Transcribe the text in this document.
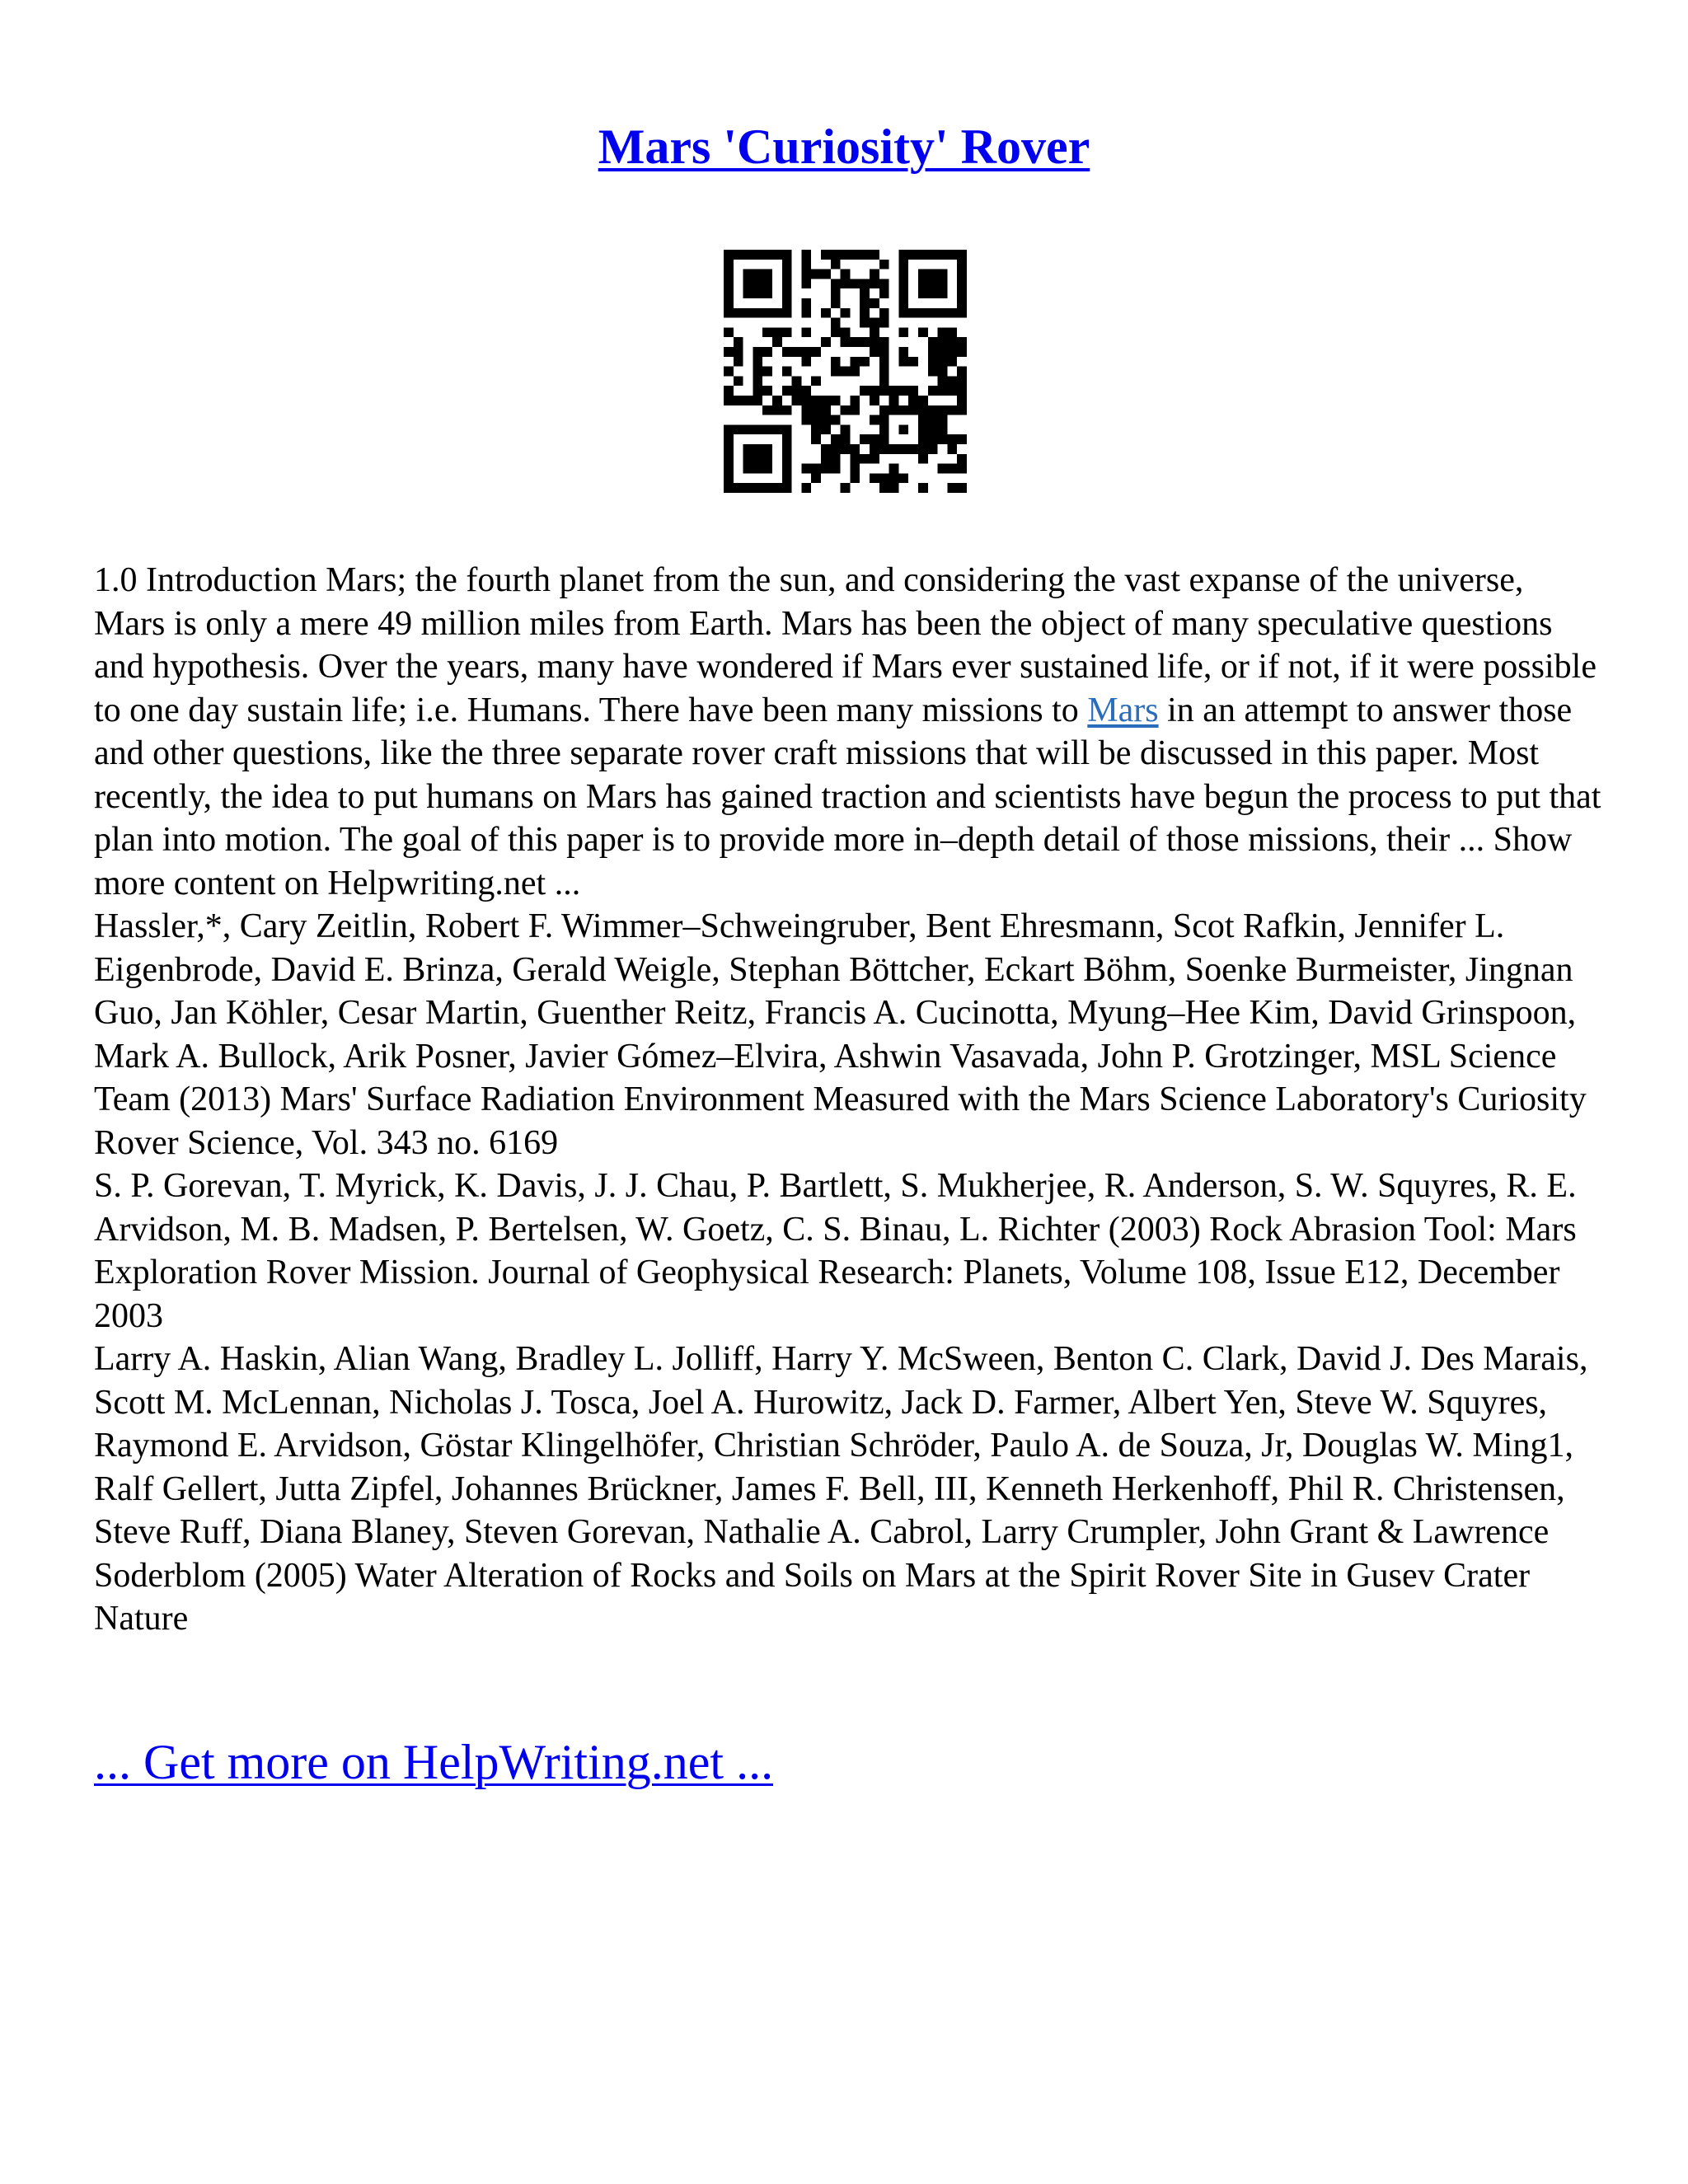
Mars 'Curiosity' Rover

1.0 Introduction Mars; the fourth planet from the sun, and considering the vast expanse of the universe, Mars is only a mere 49 million miles from Earth. Mars has been the object of many speculative questions and hypothesis. Over the years, many have wondered if Mars ever sustained life, or if not, if it were possible to one day sustain life; i.e. Humans. There have been many missions to Mars in an attempt to answer those and other questions, like the three separate rover craft missions that will be discussed in this paper. Most recently, the idea to put humans on Mars has gained traction and scientists have begun the process to put that plan into motion. The goal of this paper is to provide more in–depth detail of those missions, their ... Show more content on Helpwriting.net ...

Hassler,*, Cary Zeitlin, Robert F. Wimmer–Schweingruber, Bent Ehresmann, Scot Rafkin, Jennifer L. Eigenbrode, David E. Brinza, Gerald Weigle, Stephan Böttcher, Eckart Böhm, Soenke Burmeister, Jingnan Guo, Jan Köhler, Cesar Martin, Guenther Reitz, Francis A. Cucinotta, Myung–Hee Kim, David Grinspoon, Mark A. Bullock, Arik Posner, Javier Gómez–Elvira, Ashwin Vasavada, John P. Grotzinger, MSL Science Team (2013) Mars' Surface Radiation Environment Measured with the Mars Science Laboratory's Curiosity Rover Science, Vol. 343 no. 6169

S. P. Gorevan, T. Myrick, K. Davis, J. J. Chau, P. Bartlett, S. Mukherjee, R. Anderson, S. W. Squyres, R. E. Arvidson, M. B. Madsen, P. Bertelsen, W. Goetz, C. S. Binau, L. Richter (2003) Rock Abrasion Tool: Mars Exploration Rover Mission. Journal of Geophysical Research: Planets, Volume 108, Issue E12, December 2003

Larry A. Haskin, Alian Wang, Bradley L. Jolliff, Harry Y. McSween, Benton C. Clark, David J. Des Marais, Scott M. McLennan, Nicholas J. Tosca, Joel A. Hurowitz, Jack D. Farmer, Albert Yen, Steve W. Squyres, Raymond E. Arvidson, Göstar Klingelhöfer, Christian Schröder, Paulo A. de Souza, Jr, Douglas W. Ming1, Ralf Gellert, Jutta Zipfel, Johannes Brückner, James F. Bell, III, Kenneth Herkenhoff, Phil R. Christensen, Steve Ruff, Diana Blaney, Steven Gorevan, Nathalie A. Cabrol, Larry Crumpler, John Grant & Lawrence Soderblom (2005) Water Alteration of Rocks and Soils on Mars at the Spirit Rover Site in Gusev Crater Nature

... Get more on HelpWriting.net ...
